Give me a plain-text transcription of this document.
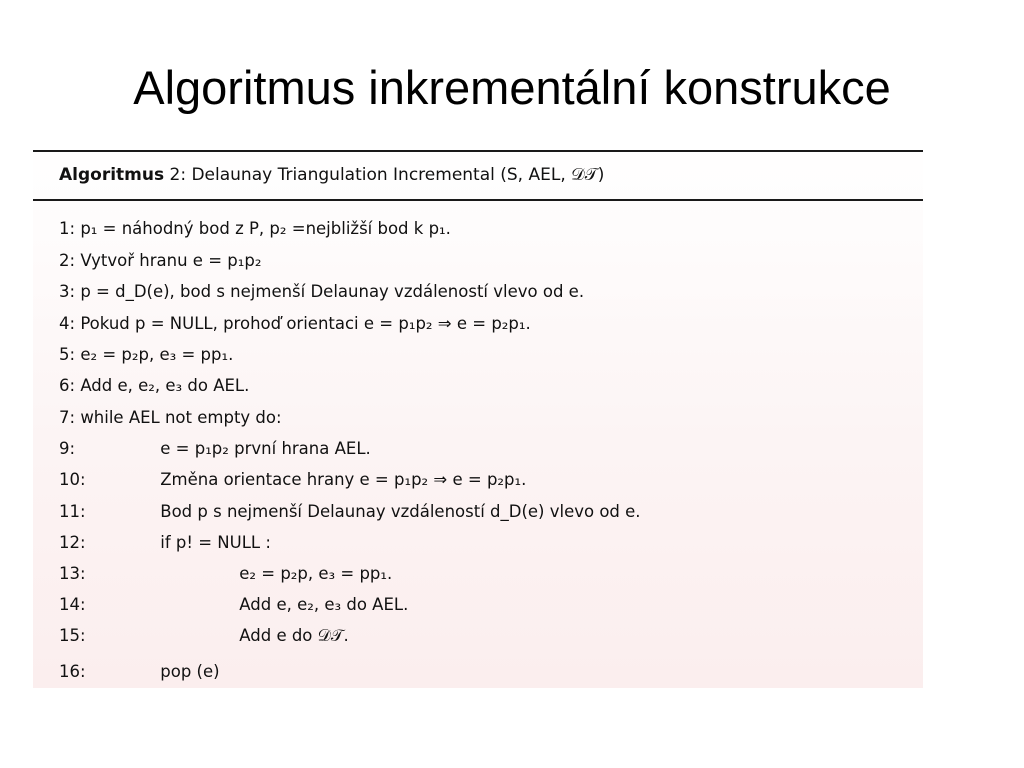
Algoritmus inkrementální konstrukce
Algoritmus 2: Delaunay Triangulation Incremental (S, AEL, 𝒟𝒯)
1: p₁ = náhodný bod z P, p₂ =nejbližší bod k p₁.
2: Vytvoř hranu e = p₁p₂
3: p = d_D(e), bod s nejmenší Delaunay vzdáleností vlevo od e.
4: Pokud p = NULL, prohoď orientaci e = p₁p₂ ⇒ e = p₂p₁.
5: e₂ = p₂p, e₃ = pp₁.
6: Add e, e₂, e₃ do AEL.
7: while AEL not empty do:
9:	e = p₁p₂ první hrana AEL.
10:	Změna orientace hrany e = p₁p₂ ⇒ e = p₂p₁.
11:	Bod p s nejmenší Delaunay vzdáleností d_D(e) vlevo od e.
12:	if p! = NULL :
13:	e₂ = p₂p, e₃ = pp₁.
14:	Add e, e₂, e₃ do AEL.
15:	Add e do 𝒟𝒯.
16:	pop (e)
